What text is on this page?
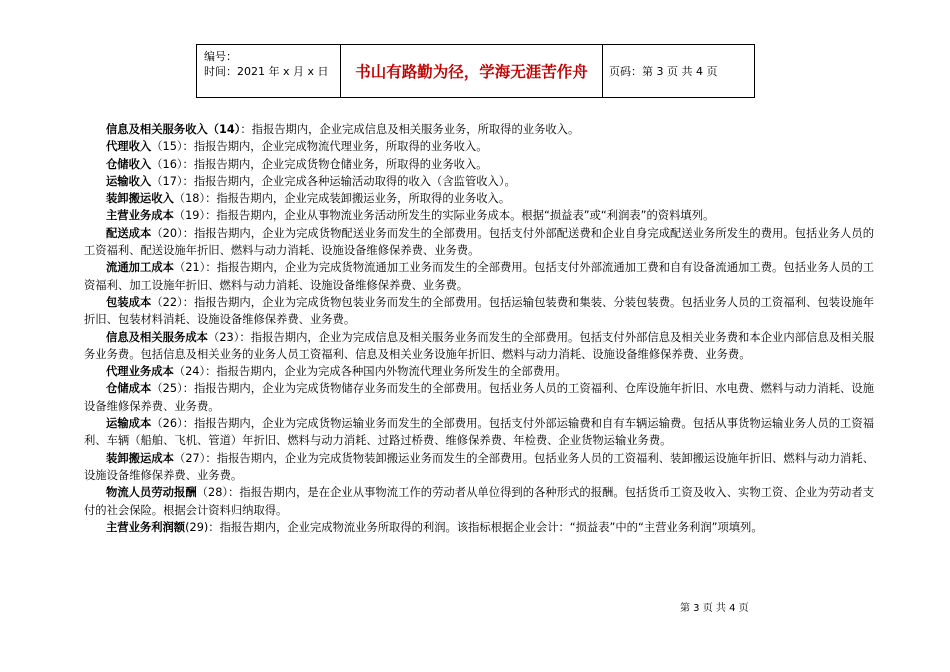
编号：
时间：2021 年 x 月 x 日	书山有路勤为径，学海无涯苦作舟	页码：第 3 页 共 4 页

信息及相关服务收入（14）：指报告期内，企业完成信息及相关服务业务，所取得的业务收入。

代理收入（15）：指报告期内，企业完成物流代理业务，所取得的业务收入。

仓储收入（16）：指报告期内，企业完成货物仓储业务，所取得的业务收入。

运输收入（17）：指报告期内，企业完成各种运输活动取得的收入（含监管收入）。

装卸搬运收入（18）：指报告期内，企业完成装卸搬运业务，所取得的业务收入。

主营业务成本（19）：指报告期内，企业从事物流业务活动所发生的实际业务成本。根据“损益表”或“利润表”的资料填列。

配送成本（20）：指报告期内，企业为完成货物配送业务而发生的全部费用。包括支付外部配送费和企业自身完成配送业务所发生的费用。包括业务人员的工资福利、配送设施年折旧、燃料与动力消耗、设施设备维修保养费、业务费。

流通加工成本（21）：指报告期内，企业为完成货物流通加工业务而发生的全部费用。包括支付外部流通加工费和自有设备流通加工费。包括业务人员的工资福利、加工设施年折旧、燃料与动力消耗、设施设备维修保养费、业务费。

包装成本（22）：指报告期内，企业为完成货物包装业务而发生的全部费用。包括运输包装费和集装、分装包装费。包括业务人员的工资福利、包装设施年折旧、包装材料消耗、设施设备维修保养费、业务费。

信息及相关服务成本（23）：指报告期内，企业为完成信息及相关服务业务而发生的全部费用。包括支付外部信息及相关业务费和本企业内部信息及相关服务业务费。包括信息及相关业务的业务人员工资福利、信息及相关业务设施年折旧、燃料与动力消耗、设施设备维修保养费、业务费。

代理业务成本（24）：指报告期内，企业为完成各种国内外物流代理业务所发生的全部费用。

仓储成本（25）：指报告期内，企业为完成货物储存业务而发生的全部费用。包括业务人员的工资福利、仓库设施年折旧、水电费、燃料与动力消耗、设施设备维修保养费、业务费。

运输成本（26）：指报告期内，企业为完成货物运输业务而发生的全部费用。包括支付外部运输费和自有车辆运输费。包括从事货物运输业务人员的工资福利、车辆（船舶、飞机、管道）年折旧、燃料与动力消耗、过路过桥费、维修保养费、年检费、企业货物运输业务费。

装卸搬运成本（27）：指报告期内，企业为完成货物装卸搬运业务而发生的全部费用。包括业务人员的工资福利、装卸搬运设施年折旧、燃料与动力消耗、设施设备维修保养费、业务费。

物流人员劳动报酬（28）：指报告期内，是在企业从事物流工作的劳动者从单位得到的各种形式的报酬。包括货币工资及收入、实物工资、企业为劳动者支付的社会保险。根据会计资料归纳取得。

主营业务利润额(29)：指报告期内，企业完成物流业务所取得的利润。该指标根据企业会计：“损益表”中的“主营业务利润”项填列。

第 3 页 共 4 页
